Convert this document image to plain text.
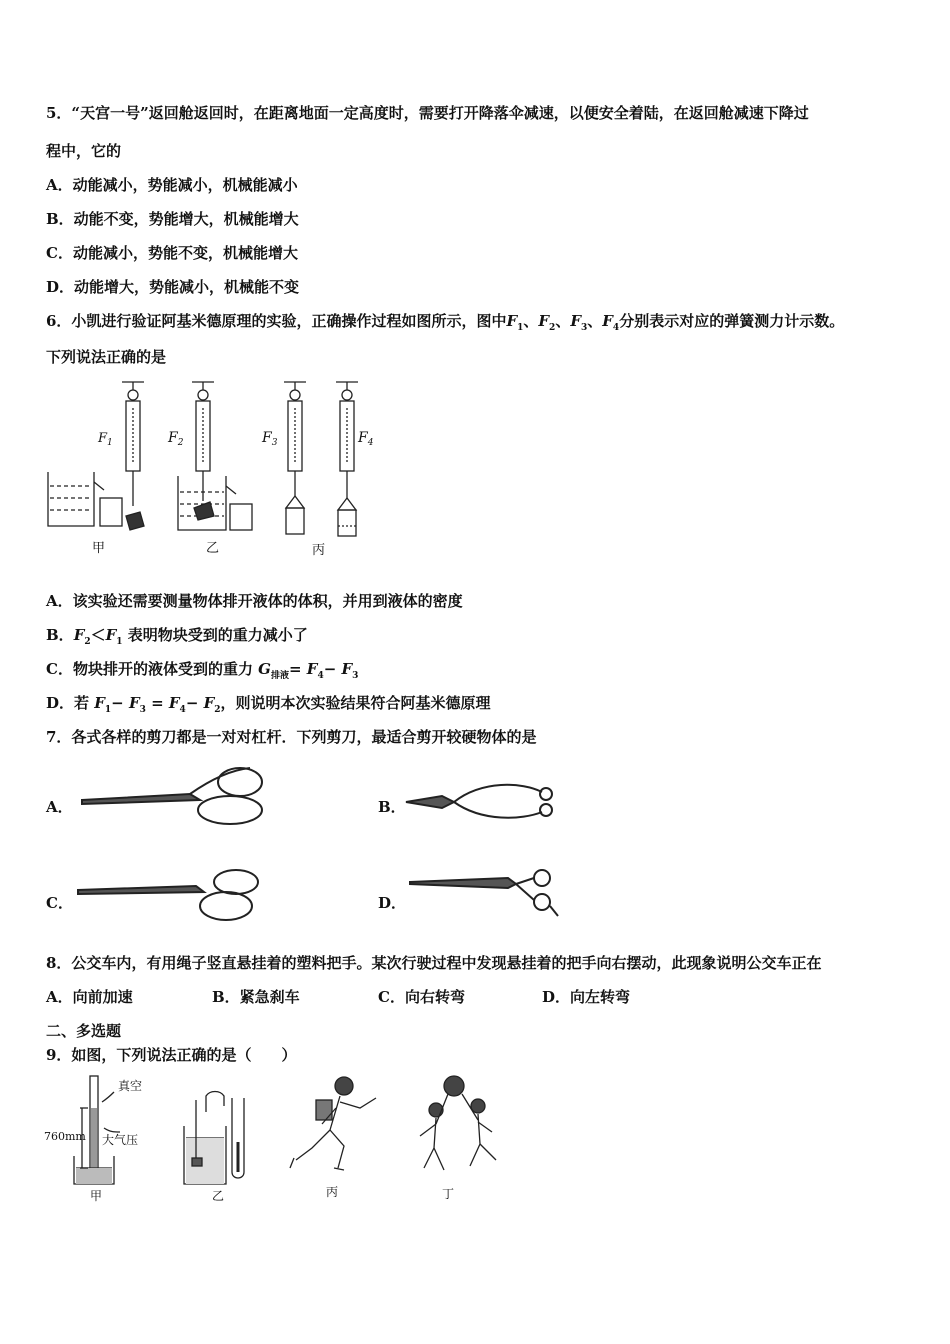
5．“天宫一号”返回舱返回时，在距离地面一定高度时，需要打开降落伞减速，以便安全着陆，在返回舱减速下降过
程中，它的
A．动能减小，势能减小，机械能减小
B．动能不变，势能增大，机械能增大
C．动能减小，势能不变，机械能增大
D．动能增大，势能减小，机械能不变
6．小凯进行验证阿基米德原理的实验，正确操作过程如图所示，图中$F_1$、$F_2$、$F_3$、$F_4$分别表示对应的弹簧测力计示数。
下列说法正确的是
$F_1$	$F_2$	$F_3$	$F_4$
甲	乙	丙
A．该实验还需要测量物体排开液体的体积，并用到液体的密度
B．$F_2<F_1$ 表明物块受到的重力减小了
C．物块排开的液体受到的重力 $G_{排液}= F_4- F_3$
D．若 $F_1- F_3 = F_4- F_2$，则说明本次实验结果符合阿基米德原理
7．各式各样的剪刀都是一对对杠杆．下列剪刀，最适合剪开较硬物体的是
A．	B．
C．	D．
8．公交车内，有用绳子竖直悬挂着的塑料把手。某次行驶过程中发现悬挂着的把手向右摆动，此现象说明公交车正在
A．向前加速	B．紧急刹车	C．向右转弯	D．向左转弯
二、多选题
9．如图，下列说法正确的是（　　）
真空
760mm 大气压
甲	乙	丙	丁
